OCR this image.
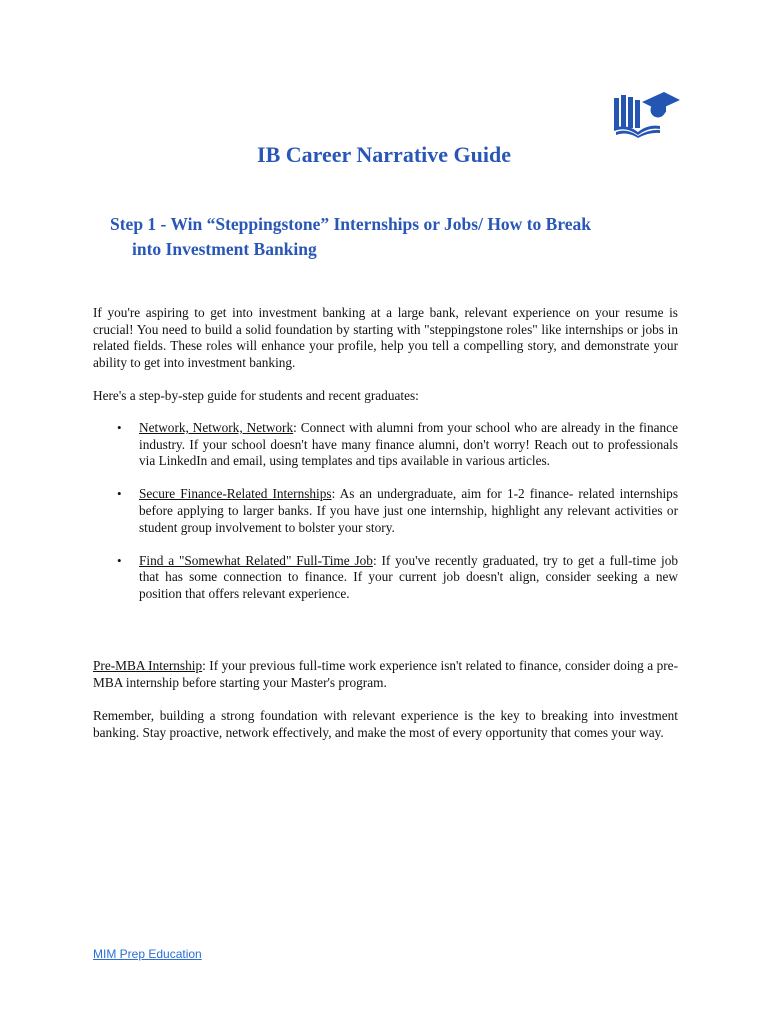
IB Career Narrative Guide
Step 1 - Win “Steppingstone” Internships or Jobs/ How to Break
into Investment Banking

If you're aspiring to get into investment banking at a large bank, relevant experience on your resume is crucial! You need to build a solid foundation by starting with "steppingstone roles" like internships or jobs in related fields. These roles will enhance your profile, help you tell a compelling story, and demonstrate your ability to get into investment banking.

Here's a step-by-step guide for students and recent graduates:

• Network, Network, Network: Connect with alumni from your school who are already in the finance industry. If your school doesn't have many finance alumni, don't worry! Reach out to professionals via LinkedIn and email, using templates and tips available in various articles.
• Secure Finance-Related Internships: As an undergraduate, aim for 1-2 finance- related internships before applying to larger banks. If you have just one internship, highlight any relevant activities or student group involvement to bolster your story.
• Find a "Somewhat Related" Full-Time Job: If you've recently graduated, try to get a full-time job that has some connection to finance. If your current job doesn't align, consider seeking a new position that offers relevant experience.

Pre-MBA Internship: If your previous full-time work experience isn't related to finance, consider doing a pre-MBA internship before starting your Master's program.

Remember, building a strong foundation with relevant experience is the key to breaking into investment banking. Stay proactive, network effectively, and make the most of every opportunity that comes your way.

MIM Prep Education
